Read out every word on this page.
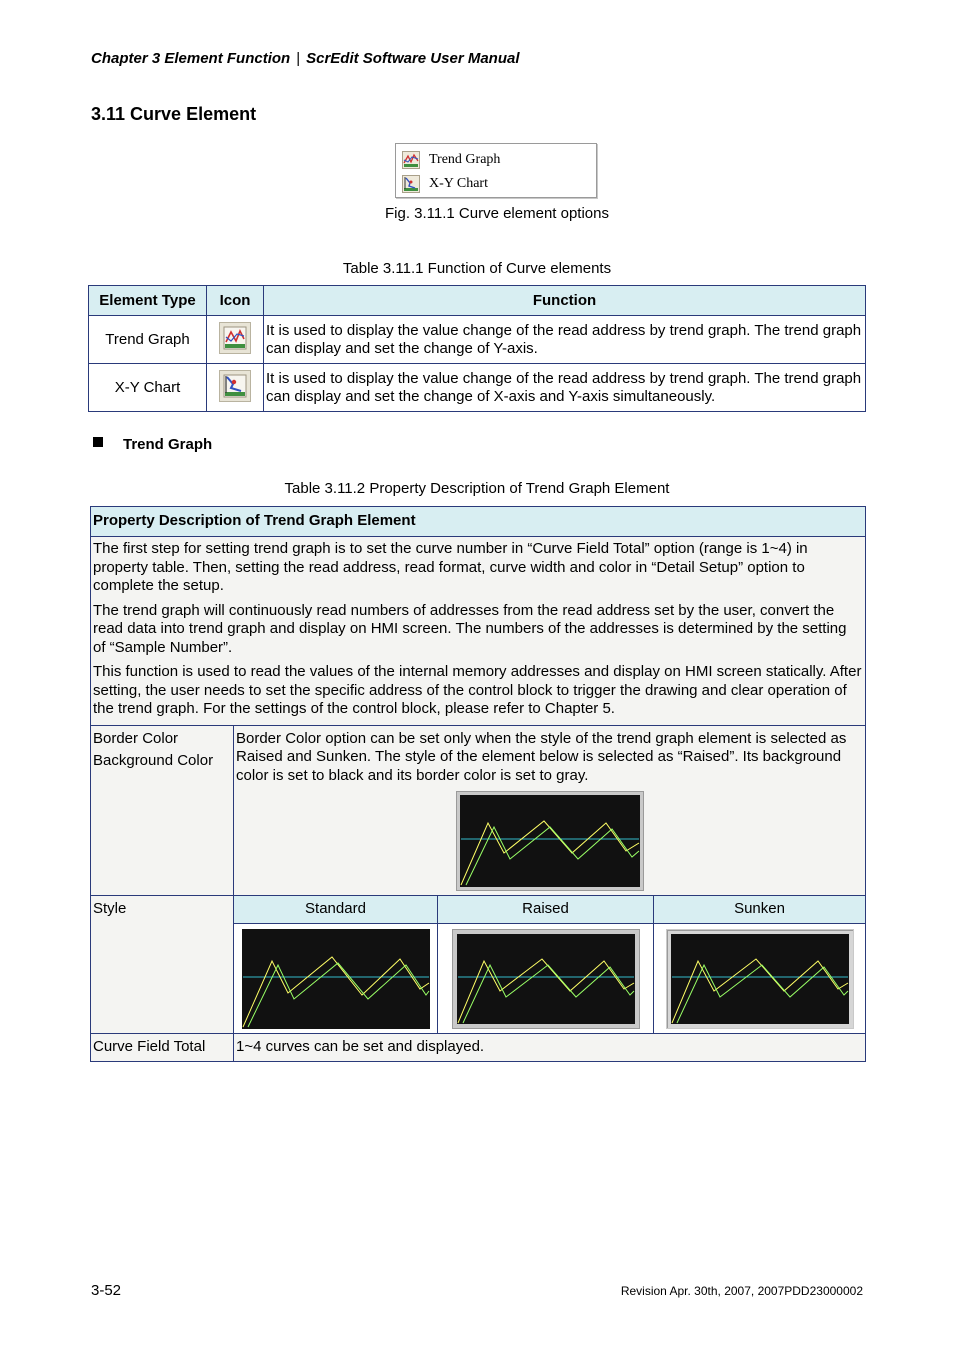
Chapter 3 Element Function | ScrEdit Software User Manual
3.11 Curve Element
Trend Graph
X-Y Chart
Fig. 3.11.1 Curve element options
Table 3.11.1 Function of Curve elements
Element Type	Icon	Function
Trend Graph		It is used to display the value change of the read address by trend graph. The trend graph can display and set the change of Y-axis.
X-Y Chart		It is used to display the value change of the read address by trend graph. The trend graph can display and set the change of X-axis and Y-axis simultaneously.
Trend Graph
Table 3.11.2 Property Description of Trend Graph Element
Property Description of Trend Graph Element			

The first step for setting trend graph is to set the curve number in “Curve Field Total” option (range is 1~4) in property table. Then, setting the read address, read format, curve width and color in “Detail Setup” option to complete the setup.

The trend graph will continuously read numbers of addresses from the read address set by the user, convert the read data into trend graph and display on HMI screen. The numbers of the addresses is determined by the setting of “Sample Number”.

This function is used to read the values of the internal memory addresses and display on HMI screen statically. After setting, the user needs to set the specific address of the control block to trigger the drawing and clear operation of the trend graph. For the settings of the control block, please refer to Chapter 5.			

Border Color

Background Color	Border Color option can be set only when the style of the trend graph element is selected as Raised and Sunken. The style of the element below is selected as “Raised”. Its background color is set to black and its border color is set to gray.		

Style	Standard	Raised	Sunken

Curve Field Total	1~4 curves can be set and displayed.		
3-52	Revision Apr. 30th, 2007, 2007PDD23000002
